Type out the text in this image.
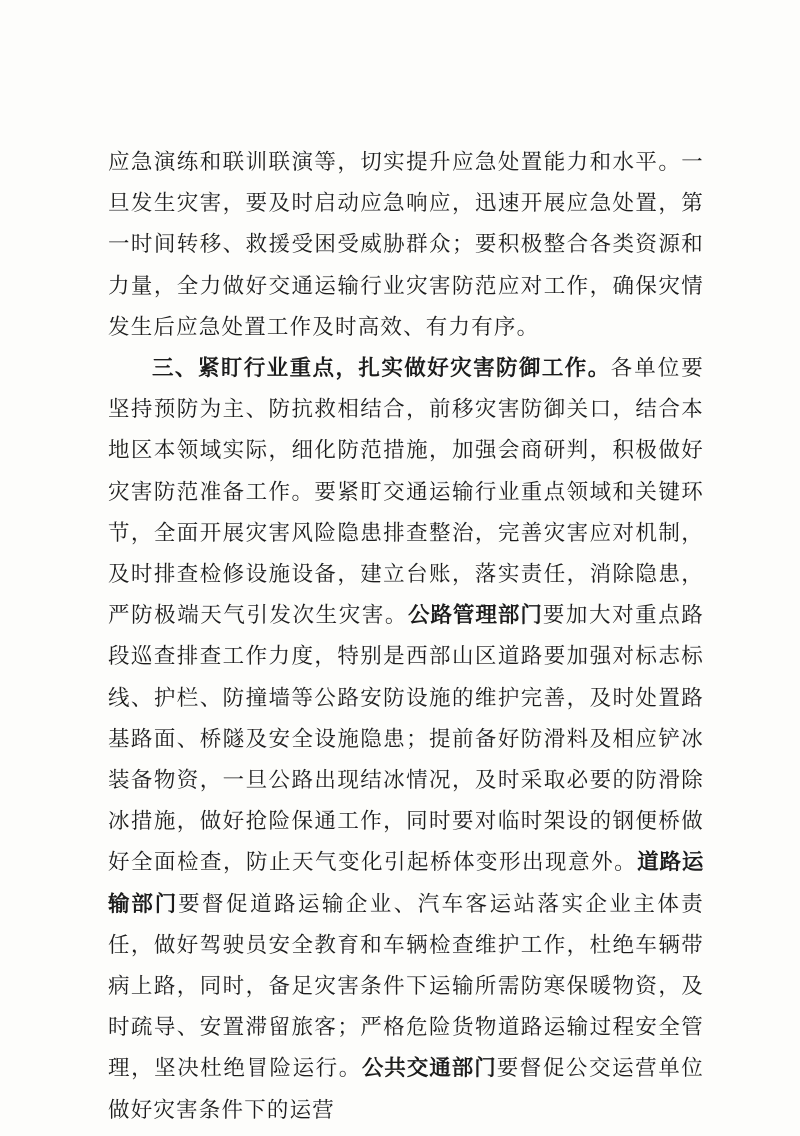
应急演练和联训联演等，切实提升应急处置能力和水平。一旦发生灾害，要及时启动应急响应，迅速开展应急处置，第一时间转移、救援受困受威胁群众；要积极整合各类资源和力量，全力做好交通运输行业灾害防范应对工作，确保灾情发生后应急处置工作及时高效、有力有序。

三、紧盯行业重点，扎实做好灾害防御工作。各单位要坚持预防为主、防抗救相结合，前移灾害防御关口，结合本地区本领域实际，细化防范措施，加强会商研判，积极做好灾害防范准备工作。要紧盯交通运输行业重点领域和关键环节，全面开展灾害风险隐患排查整治，完善灾害应对机制，及时排查检修设施设备，建立台账，落实责任，消除隐患，严防极端天气引发次生灾害。公路管理部门要加大对重点路段巡查排查工作力度，特别是西部山区道路要加强对标志标线、护栏、防撞墙等公路安防设施的维护完善，及时处置路基路面、桥隧及安全设施隐患；提前备好防滑料及相应铲冰装备物资，一旦公路出现结冰情况，及时采取必要的防滑除冰措施，做好抢险保通工作，同时要对临时架设的钢便桥做好全面检查，防止天气变化引起桥体变形出现意外。道路运输部门要督促道路运输企业、汽车客运站落实企业主体责任，做好驾驶员安全教育和车辆检查维护工作，杜绝车辆带病上路，同时，备足灾害条件下运输所需防寒保暖物资，及时疏导、安置滞留旅客；严格危险货物道路运输过程安全管理，坚决杜绝冒险运行。公共交通部门要督促公交运营单位做好灾害条件下的运营
